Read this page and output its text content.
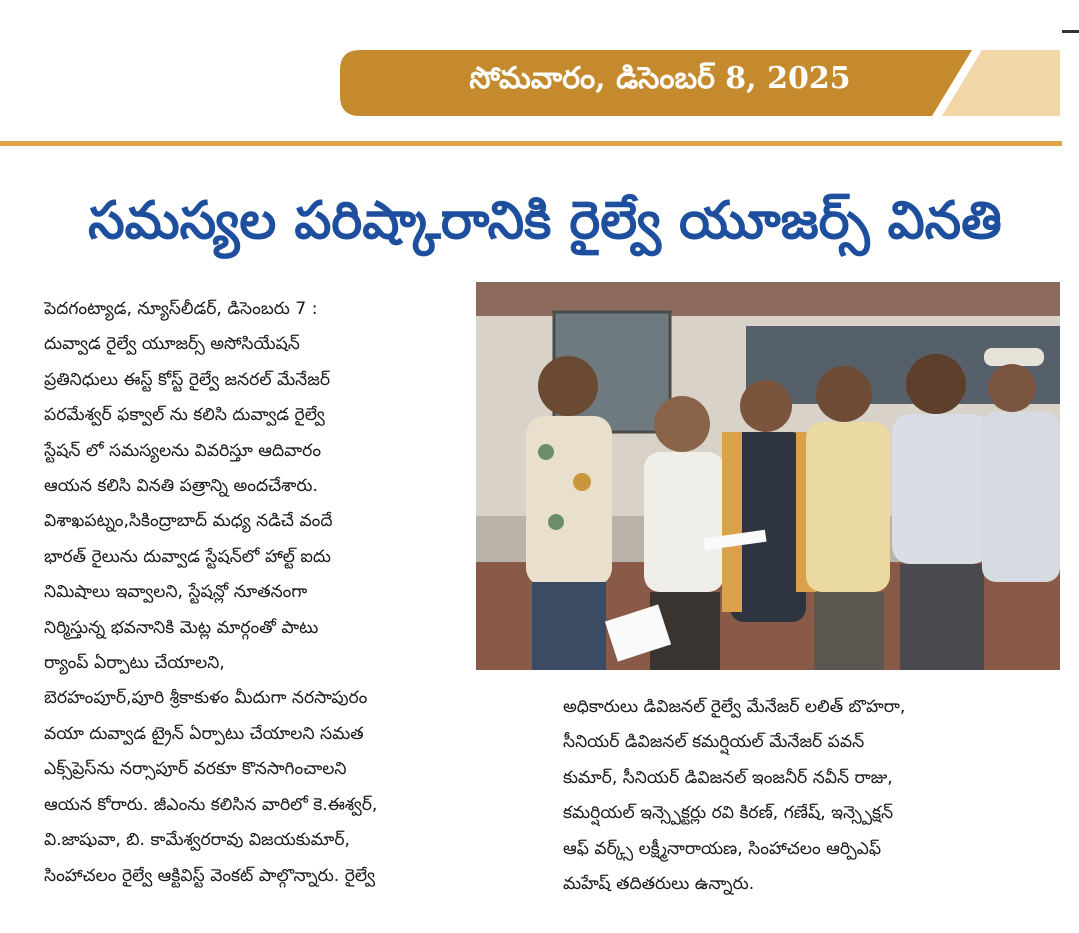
సోమవారం, డిసెంబర్ 8, 2025
సమస్యల పరిష్కారానికి రైల్వే యూజర్స్ వినతి
పెదగంట్యాడ, న్యూస్‌లీడర్, డిసెంబరు 7 :
దువ్వాడ రైల్వే యూజర్స్ అసోసియేషన్
ప్రతినిధులు ఈస్ట్ కోస్ట్ రైల్వే జనరల్ మేనేజర్
పరమేశ్వర్ ఫక్వాల్ ను కలిసి దువ్వాడ రైల్వే
స్టేషన్ లో సమస్యలను వివరిస్తూ ఆదివారం
ఆయన కలిసి వినతి పత్రాన్ని అందచేశారు.
విశాఖపట్నం,సికింద్రాబాద్ మధ్య నడిచే వందే
భారత్ రైలును దువ్వాడ స్టేషన్‌లో హాల్ట్ ఐదు
నిమిషాలు ఇవ్వాలని, స్టేషన్లో నూతనంగా
నిర్మిస్తున్న భవనానికి మెట్ల మార్గంతో పాటు
ర్యాంప్ ఏర్పాటు చేయాలని,
బెరహంపూర్,పూరి శ్రీకాకుళం మీదుగా నరసాపురం
వయా దువ్వాడ ట్రైన్ ఏర్పాటు చేయాలని సమత
ఎక్స్‌ప్రెస్‌ను నర్సాపూర్ వరకూ కొనసాగించాలని
ఆయన కోరారు. జీఎంను కలిసిన వారిలో కె.ఈశ్వర్,
వి.జాషువా, బి. కామేశ్వరరావు విజయకుమార్,
సింహాచలం రైల్వే ఆక్టివిస్ట్ వెంకట్ పాల్గొన్నారు. రైల్వే
అధికారులు డివిజనల్ రైల్వే మేనేజర్ లలిత్ బొహరా,
సీనియర్ డివిజనల్ కమర్షియల్ మేనేజర్ పవన్
కుమార్, సీనియర్ డివిజనల్ ఇంజనీర్ నవీన్ రాజు,
కమర్షియల్ ఇన్స్పెక్టర్లు రవి కిరణ్, గణేష్, ఇన్స్పెక్షన్
ఆఫ్ వర్క్స్ లక్ష్మీనారాయణ, సింహాచలం ఆర్పిఎఫ్
మహేష్ తదితరులు ఉన్నారు.
